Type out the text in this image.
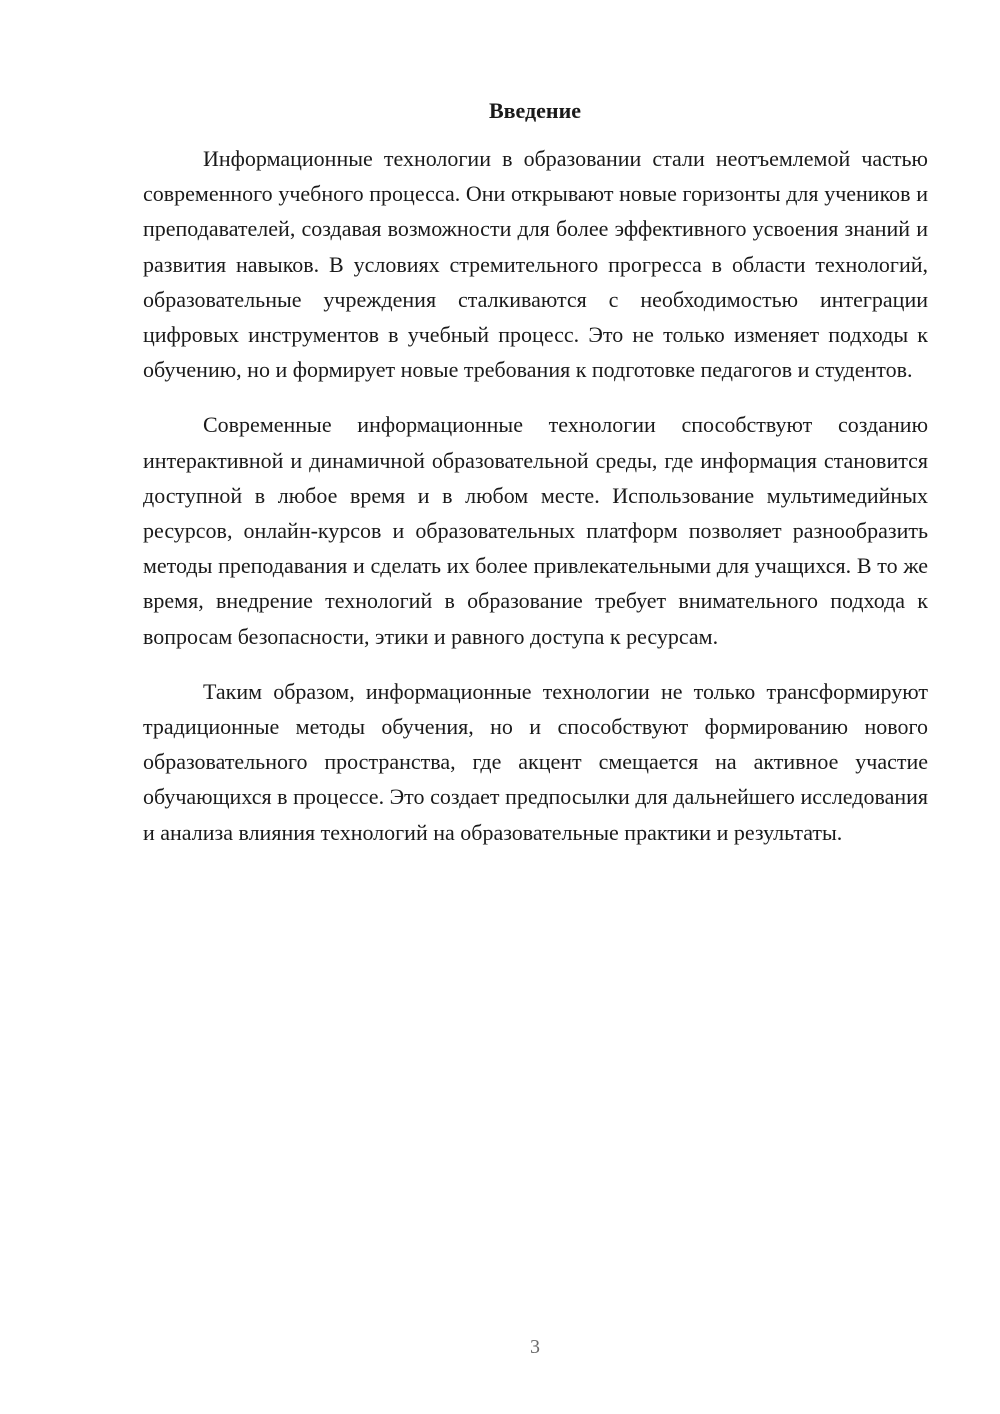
Введение

Информационные технологии в образовании стали неотъемлемой частью современного учебного процесса. Они открывают новые горизонты для учеников и преподавателей, создавая возможности для более эффективного усвоения знаний и развития навыков. В условиях стремительного прогресса в области технологий, образовательные учреждения сталкиваются с необходимостью интеграции цифровых инструментов в учебный процесс. Это не только изменяет подходы к обучению, но и формирует новые требования к подготовке педагогов и студентов.

Современные информационные технологии способствуют созданию интерактивной и динамичной образовательной среды, где информация становится доступной в любое время и в любом месте. Использование мультимедийных ресурсов, онлайн-курсов и образовательных платформ позволяет разнообразить методы преподавания и сделать их более привлекательными для учащихся. В то же время, внедрение технологий в образование требует внимательного подхода к вопросам безопасности, этики и равного доступа к ресурсам.

Таким образом, информационные технологии не только трансформируют традиционные методы обучения, но и способствуют формированию нового образовательного пространства, где акцент смещается на активное участие обучающихся в процессе. Это создает предпосылки для дальнейшего исследования и анализа влияния технологий на образовательные практики и результаты.

3
